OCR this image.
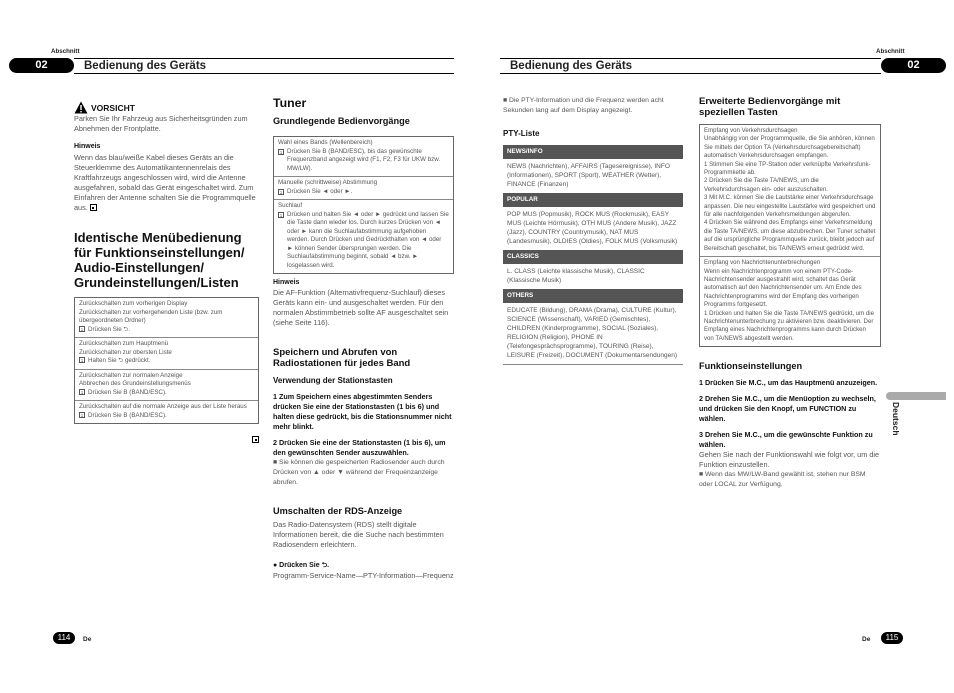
Abschnitt	Abschnitt
02	Bedienung des Geräts	Bedienung des Geräts	02
VORSICHT
Parken Sie Ihr Fahrzeug aus Sicherheitsgründen zum Abnehmen der Frontplatte.
Hinweis
Wenn das blau/weiße Kabel dieses Geräts an die Steuerklemme des Automatikantennenrelais des Kraftfahrzeugs angeschlossen wird, wird die Antenne ausgefahren, sobald das Gerät eingeschaltet wird. Zum Einfahren der Antenne schalten Sie die Programmquelle aus.
Identische Menübedienung für Funktionseinstellungen/ Audio-Einstellungen/ Grundeinstellungen/Listen
Zurückschalten zum vorherigen Display
Zurückschalten zur vorhergehenden Liste (bzw. zum übergeordneten Ordner)
1 Drücken Sie ⮌.
Zurückschalten zum Hauptmenü
Zurückschalten zur obersten Liste
1 Halten Sie ⮌ gedrückt.
Zurückschalten zur normalen Anzeige
Abbrechen des Grundeinstellungsmenüs
1 Drücken Sie B (BAND/ESC).
Zurückschalten auf die normale Anzeige aus der Liste heraus
1 Drücken Sie B (BAND/ESC).
Tuner
Grundlegende Bedienvorgänge
Wahl eines Bands (Wellenbereich)
1 Drücken Sie B (BAND/ESC), bis das gewünschte Frequenzband angezeigt wird (F1, F2, F3 für UKW bzw. MW/LW).
Manuelle (schrittweise) Abstimmung
1 Drücken Sie ◄ oder ►.
Suchlauf
1 Drücken und halten Sie ◄ oder ► gedrückt und lassen Sie die Taste dann wieder los. Durch kurzes Drücken von ◄ oder ► kann die Suchlaufabstimmung aufgehoben werden. Durch Drücken und Gedrückthalten von ◄ oder ► können Sender übersprungen werden. Die Suchlaufabstimmung beginnt, sobald ◄ bzw. ► losgelassen wird.
Hinweis
Die AF-Funktion (Alternativfrequenz-Suchlauf) dieses Geräts kann ein- und ausgeschaltet werden. Für den normalen Abstimmbetrieb sollte AF ausgeschaltet sein (siehe Seite 116).
Speichern und Abrufen von Radiostationen für jedes Band
Verwendung der Stationstasten
1 Zum Speichern eines abgestimmten Senders drücken Sie eine der Stationstasten (1 bis 6) und halten diese gedrückt, bis die Stationsnummer nicht mehr blinkt.
2 Drücken Sie eine der Stationstasten (1 bis 6), um den gewünschten Sender auszuwählen.
■ Sie können die gespeicherten Radiosender auch durch Drücken von ▲ oder ▼ während der Frequenzanzeige abrufen.
Umschalten der RDS-Anzeige
Das Radio-Datensystem (RDS) stellt digitale Informationen bereit, die die Suche nach bestimmten Radiosendern erleichtern.
● Drücken Sie ⮌.
Programm-Service-Name—PTY-Information—Frequenz
■ Die PTY-Information und die Frequenz werden acht Sekunden lang auf dem Display angezeigt.
PTY-Liste
NEWS/INFO
NEWS (Nachrichten), AFFAIRS (Tagesereignisse), INFO (Informationen), SPORT (Sport), WEATHER (Wetter), FINANCE (Finanzen)
POPULAR
POP MUS (Popmusik), ROCK MUS (Rockmusik), EASY MUS (Leichte Hörmusik), OTH MUS (Andere Musik), JAZZ (Jazz), COUNTRY (Countrymusik), NAT MUS (Landesmusik), OLDIES (Oldies), FOLK MUS (Volksmusik)
CLASSICS
L. CLASS (Leichte klassische Musik), CLASSIC (Klassische Musik)
OTHERS
EDUCATE (Bildung), DRAMA (Drama), CULTURE (Kultur), SCIENCE (Wissenschaft), VARIED (Gemischtes), CHILDREN (Kinderprogramme), SOCIAL (Soziales), RELIGION (Religion), PHONE IN (Telefongesprächsprogramme), TOURING (Reise), LEISURE (Freizeit), DOCUMENT (Dokumentarsendungen)
Erweiterte Bedienvorgänge mit speziellen Tasten
Empfang von Verkehrsdurchsagen
Unabhängig von der Programmquelle, die Sie anhören, können Sie mittels der Option TA (Verkehrsdurchsagebereitschaft) automatisch Verkehrsdurchsagen empfangen.
1 Stimmen Sie eine TP-Station oder verknüpfte Verkehrsfunk-Programmkette ab.
2 Drücken Sie die Taste TA/NEWS, um die Verkehrsdurchsagen ein- oder auszuschalten.
3 Mit M.C. können Sie die Lautstärke einer Verkehrsdurchsage anpassen. Die neu eingestellte Lautstärke wird gespeichert und für alle nachfolgenden Verkehrsmeldungen abgerufen.
4 Drücken Sie während des Empfangs einer Verkehrsmeldung die Taste TA/NEWS, um diese abzubrechen. Der Tuner schaltet auf die ursprüngliche Programmquelle zurück, bleibt jedoch auf Bereitschaft geschaltet, bis TA/NEWS erneut gedrückt wird.
Empfang von Nachrichtenunterbrechungen
Wenn ein Nachrichtenprogramm von einem PTY-Code-Nachrichtensender ausgestrahlt wird, schaltet das Gerät automatisch auf den Nachrichtensender um. Am Ende des Nachrichtenprogramms wird der Empfang des vorherigen Programms fortgesetzt.
1 Drücken und halten Sie die Taste TA/NEWS gedrückt, um die Nachrichtenunterbrechung zu aktivieren bzw. deaktivieren. Der Empfang eines Nachrichtenprogramms kann durch Drücken von TA/NEWS abgestellt werden.
Funktionseinstellungen
1 Drücken Sie M.C., um das Hauptmenü anzuzeigen.
2 Drehen Sie M.C., um die Menüoption zu wechseln, und drücken Sie den Knopf, um FUNCTION zu wählen.
3 Drehen Sie M.C., um die gewünschte Funktion zu wählen.
Gehen Sie nach der Funktionswahl wie folgt vor, um die Funktion einzustellen.
■ Wenn das MW/LW-Band gewählt ist, stehen nur BSM oder LOCAL zur Verfügung.
Deutsch
114	De	De	115
